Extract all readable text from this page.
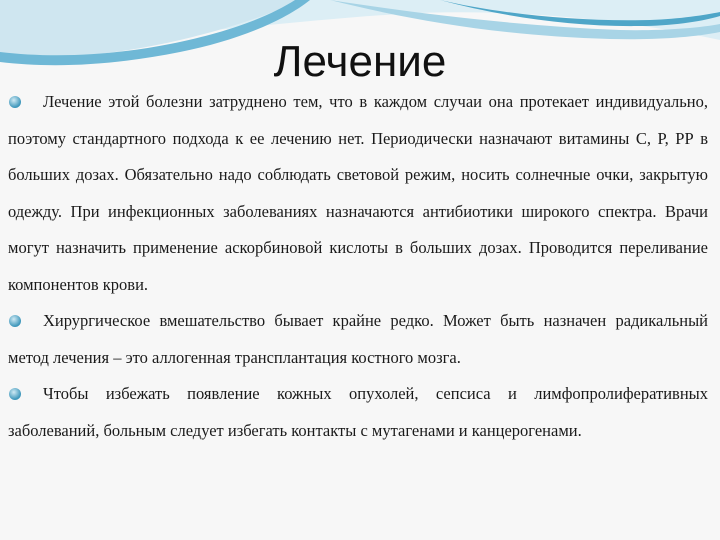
Лечение

Лечение этой болезни затруднено тем, что в каждом случаи она протекает индивидуально, поэтому стандартного подхода к ее лечению нет. Периодически назначают витамины С, Р, РР в больших дозах. Обязательно надо соблюдать световой режим, носить солнечные очки, закрытую одежду. При инфекционных заболеваниях назначаются антибиотики широкого спектра. Врачи могут назначить применение аскорбиновой кислоты в больших дозах. Проводится переливание компонентов крови.

Хирургическое вмешательство бывает крайне редко. Может быть назначен радикальный метод лечения – это аллогенная трансплантация костного мозга.

Чтобы избежать появление кожных опухолей, сепсиса и лимфопролиферативных заболеваний, больным следует избегать контакты с мутагенами и канцерогенами.
